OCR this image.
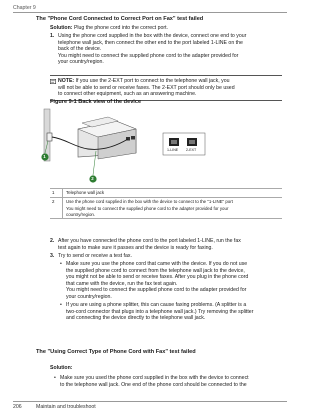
Chapter 9
The "Phone Cord Connected to Correct Port on Fax" test failed
Solution: Plug the phone cord into the correct port.
1. Using the phone cord supplied in the box with the device, connect one end to your
telephone wall jack, then connect the other end to the port labeled 1-LINE on the
back of the device.
You might need to connect the supplied phone cord to the adapter provided for
your country/region.
NOTE: If you use the 2-EXT port to connect to the telephone wall jack, you
will not be able to send or receive faxes. The 2-EXT port should only be used
to connect other equipment, such as an answering machine.
Figure 9-1 Back view of the device
1
2
1-LINE 2-EXT
1	Telephone wall jack
2	Use the phone cord supplied in the box with the device to connect to the "1-LINE" port
You might need to connect the supplied phone cord to the adapter provided for your
country/region.
2. After you have connected the phone cord to the port labeled 1-LINE, run the fax
test again to make sure it passes and the device is ready for faxing.
3. Try to send or receive a test fax.
• Make sure you use the phone cord that came with the device. If you do not use
the supplied phone cord to connect from the telephone wall jack to the device,
you might not be able to send or receive faxes. After you plug in the phone cord
that came with the device, run the fax test again.
You might need to connect the supplied phone cord to the adapter provided for
your country/region.
• If you are using a phone splitter, this can cause faxing problems. (A splitter is a
two-cord connector that plugs into a telephone wall jack.) Try removing the splitter
and connecting the device directly to the telephone wall jack.
The "Using Correct Type of Phone Cord with Fax" test failed
Solution:
• Make sure you used the phone cord supplied in the box with the device to connect
to the telephone wall jack. One end of the phone cord should be connected to the
206	Maintain and troubleshoot
